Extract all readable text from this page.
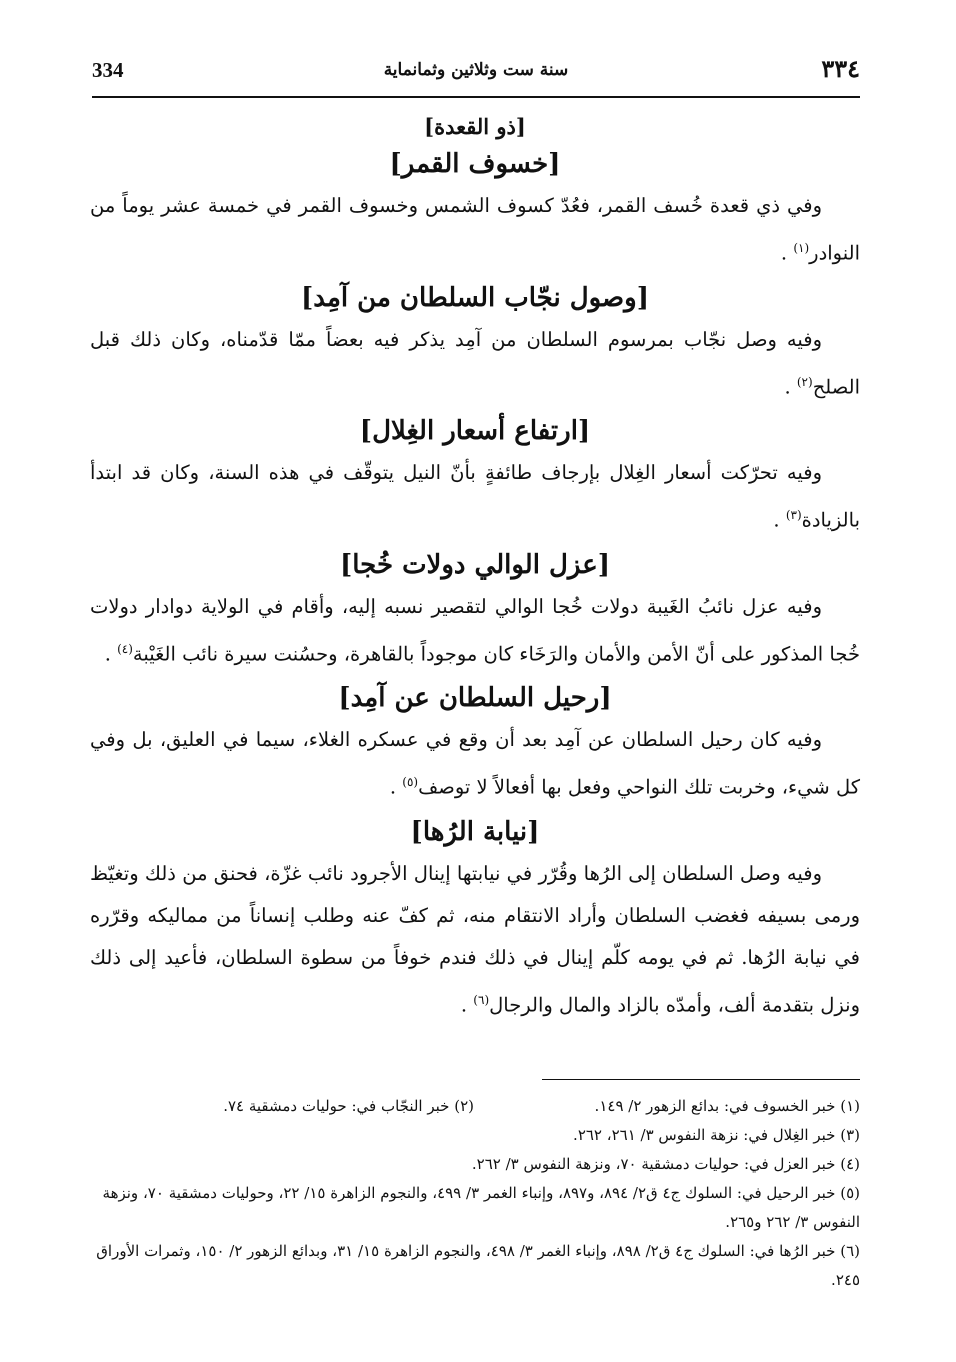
334	سنة ست وثلاثين وثمانماية	٣٣٤
[ذو القعدة]
[خسوف القمر]

وفي ذي قعدة خُسف القمر، فعُدّ كسوف الشمس وخسوف القمر في خمسة عشر يوماً من النوادر$^{(١)}$ .

[وصول نجّاب السلطان من آمِد]

وفيه وصل نجّاب بمرسوم السلطان من آمِد يذكر فيه بعضاً ممّا قدّمناه، وكان ذلك قبل الصلح$^{(٢)}$ .

[ارتفاع أسعار الغِلال]

وفيه تحرّكت أسعار الغِلال بإرجاف طائفةٍ بأنّ النيل يتوقّف في هذه السنة، وكان قد ابتدأ بالزيادة$^{(٣)}$ .

[عزل الوالي دولات خُجا]

وفيه عزل نائبُ الغَيبة دولات خُجا الوالي لتقصير نسبه إليه، وأقام في الولاية دوادار دولات خُجا المذكور على أنّ الأمن والأمان والرَخَاء كان موجوداً بالقاهرة، وحسُنت سيرة نائب الغَيْبة$^{(٤)}$ .

[رحيل السلطان عن آمِد]

وفيه كان رحيل السلطان عن آمِد بعد أن وقع في عسكره الغلاء، سيما في العليق، بل وفي كل شيء، وخربت تلك النواحي وفعل بها أفعالاً لا توصف$^{(٥)}$ .

[نيابة الرُها]

وفيه وصل السلطان إلى الرُها وقُرّر في نيابتها إينال الأجرود نائب غزّة، فحنق من ذلك وتغيّظ ورمى بسيفه فغضب السلطان وأراد الانتقام منه، ثم كفّ عنه وطلب إنساناً من مماليكه وقرّره في نيابة الرُها. ثم في يومه كلّم إينال في ذلك فندم خوفاً من سطوة السلطان، فأعيد إلى ذلك ونزل بتقدمة ألف، وأمدّه بالزاد والمال والرجال$^{(٦)}$ .

(١) خبر الخسوف في: بدائع الزهور ٢/ ١٤٩.
(٢) خبر النجّاب في: حوليات دمشقية ٧٤.
(٣) خبر الغِلال في: نزهة النفوس ٣/ ٢٦١، ٢٦٢.
(٤) خبر العزل في: حوليات دمشقية ٧٠، ونزهة النفوس ٣/ ٢٦٢.
(٥) خبر الرحيل في: السلوك ج٤ ق٢/ ٨٩٤، و٨٩٧، وإنباء الغمر ٣/ ٤٩٩، والنجوم الزاهرة ١٥/ ٢٢، وحوليات دمشقية ٧٠، ونزهة النفوس ٣/ ٢٦٢ و٢٦٥.
(٦) خبر الرُها في: السلوك ج٤ ق٢/ ٨٩٨، وإنباء الغمر ٣/ ٤٩٨، والنجوم الزاهرة ١٥/ ٣١، وبدائع الزهور ٢/ ١٥٠، وثمرات الأوراق ٢٤٥.
